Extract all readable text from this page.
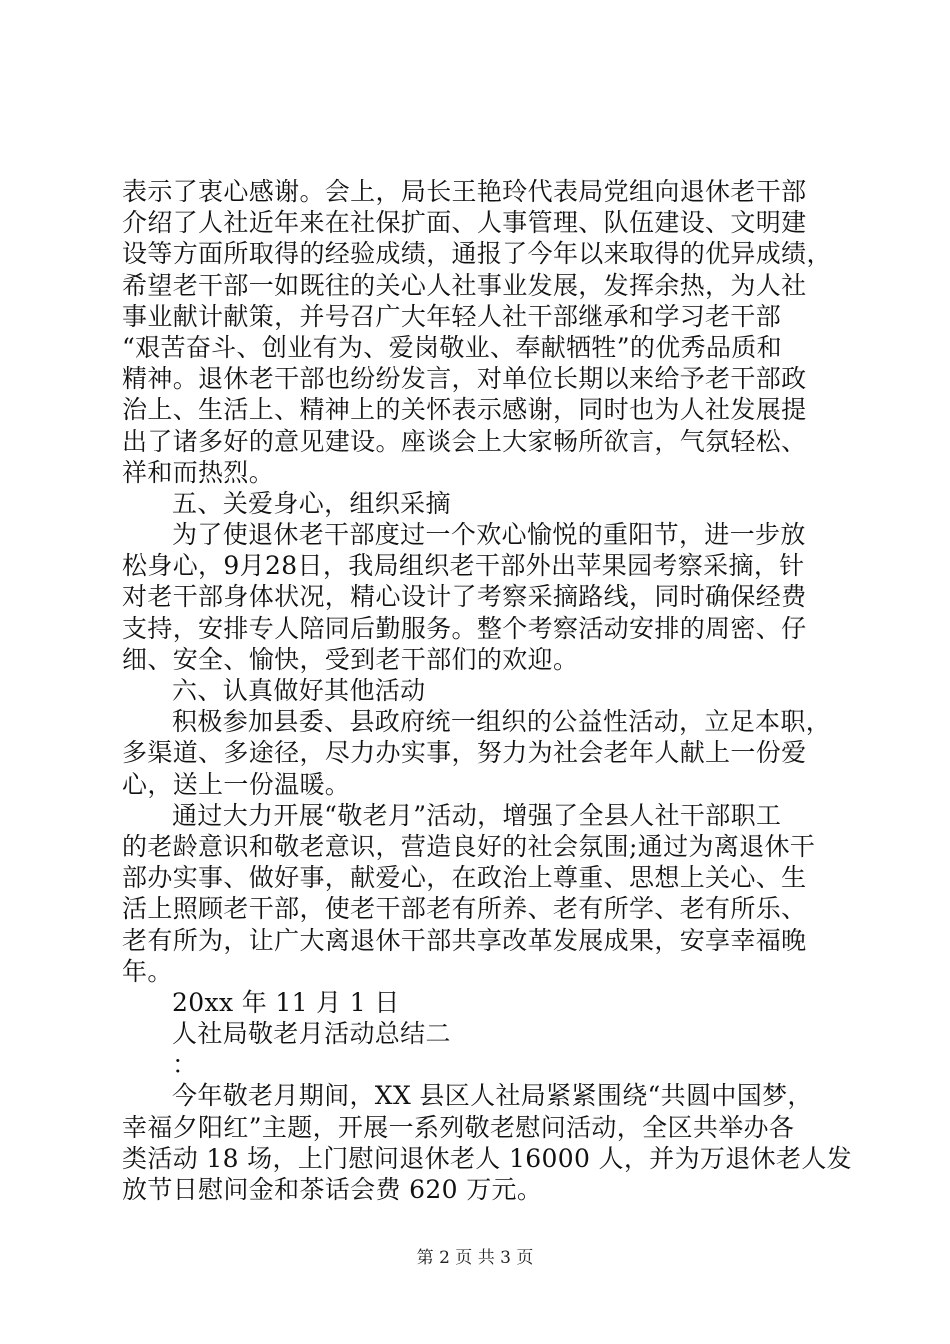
表示了衷心感谢。会上，局长王艳玲代表局党组向退休老干部
介绍了人社近年来在社保扩面、人事管理、队伍建设、文明建
设等方面所取得的经验成绩，通报了今年以来取得的优异成绩，
希望老干部一如既往的关心人社事业发展，发挥余热，为人社
事业献计献策，并号召广大年轻人社干部继承和学习老干部
“艰苦奋斗、创业有为、爱岗敬业、奉献牺牲”的优秀品质和
精神。退休老干部也纷纷发言，对单位长期以来给予老干部政
治上、生活上、精神上的关怀表示感谢，同时也为人社发展提
出了诸多好的意见建设。座谈会上大家畅所欲言，气氛轻松、
祥和而热烈。
五、关爱身心，组织采摘
为了使退休老干部度过一个欢心愉悦的重阳节，进一步放
松身心，9月28日，我局组织老干部外出苹果园考察采摘，针
对老干部身体状况，精心设计了考察采摘路线，同时确保经费
支持，安排专人陪同后勤服务。整个考察活动安排的周密、仔
细、安全、愉快，受到老干部们的欢迎。
六、认真做好其他活动
积极参加县委、县政府统一组织的公益性活动，立足本职，
多渠道、多途径，尽力办实事，努力为社会老年人献上一份爱
心，送上一份温暖。
通过大力开展“敬老月”活动，增强了全县人社干部职工
的老龄意识和敬老意识，营造良好的社会氛围;通过为离退休干
部办实事、做好事，献爱心，在政治上尊重、思想上关心、生
活上照顾老干部，使老干部老有所养、老有所学、老有所乐、
老有所为，让广大离退休干部共享改革发展成果，安享幸福晚
年。
20xx 年 11 月 1 日
人社局敬老月活动总结二
：
今年敬老月期间，XX 县区人社局紧紧围绕“共圆中国梦，
幸福夕阳红”主题，开展一系列敬老慰问活动，全区共举办各
类活动 18 场，上门慰问退休老人 16000 人，并为万退休老人发
放节日慰问金和茶话会费 620 万元。
第 2 页 共 3 页
